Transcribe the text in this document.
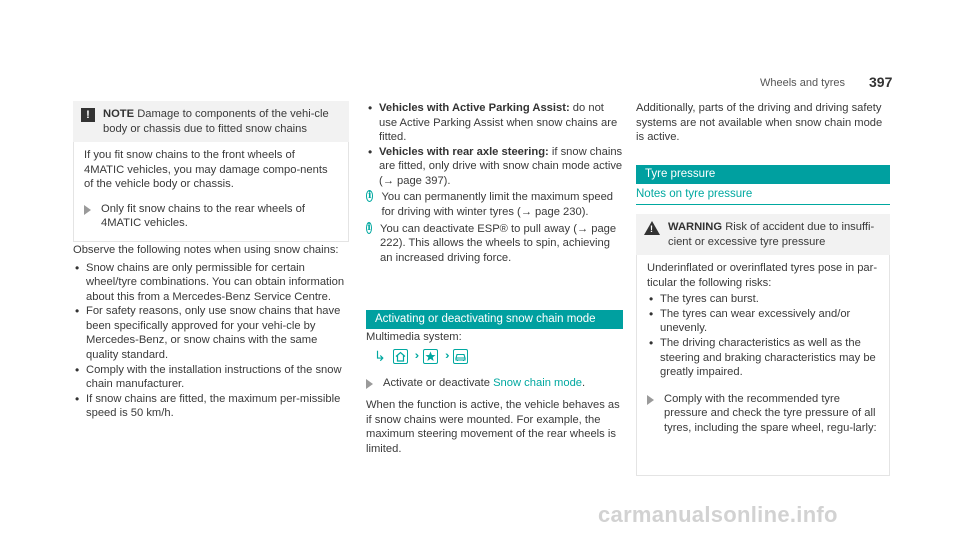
Wheels and tyres 397
!	NOTE Damage to components of the vehi-cle body or chassis due to fitted snow chains
If you fit snow chains to the front wheels of 4MATIC vehicles, you may damage compo-nents of the vehicle body or chassis.
Only fit snow chains to the rear wheels of 4MATIC vehicles.
Observe the following notes when using snow chains:
• Snow chains are only permissible for certain wheel/tyre combinations. You can obtain information about this from a Mercedes-Benz Service Centre.
• For safety reasons, only use snow chains that have been specifically approved for your vehi-cle by Mercedes-Benz, or snow chains with the same quality standard.
• Comply with the installation instructions of the snow chain manufacturer.
• If snow chains are fitted, the maximum per-missible speed is 50 km/h.
• Vehicles with Active Parking Assist: do not use Active Parking Assist when snow chains are fitted.
• Vehicles with rear axle steering: if snow chains are fitted, only drive with snow chain mode active (→ page 397).
i You can permanently limit the maximum speed for driving with winter tyres (→ page 230).
i You can deactivate ESP® to pull away (→ page 222). This allows the wheels to spin, achieving an increased driving force.
Activating or deactivating snow chain mode
Multimedia system:
↳	››	››
Activate or deactivate Snow chain mode.
When the function is active, the vehicle behaves as if snow chains were mounted. For example, the maximum steering movement of the rear wheels is limited.
Additionally, parts of the driving and driving safety systems are not available when snow chain mode is active.
Tyre pressure
Notes on tyre pressure
! WARNING Risk of accident due to insuffi-cient or excessive tyre pressure
Underinflated or overinflated tyres pose in par-ticular the following risks:
• The tyres can burst.
• The tyres can wear excessively and/or unevenly.
• The driving characteristics as well as the steering and braking characteristics may be greatly impaired.
Comply with the recommended tyre pressure and check the tyre pressure of all tyres, including the spare wheel, regu-larly:
carmanualsonline.info
